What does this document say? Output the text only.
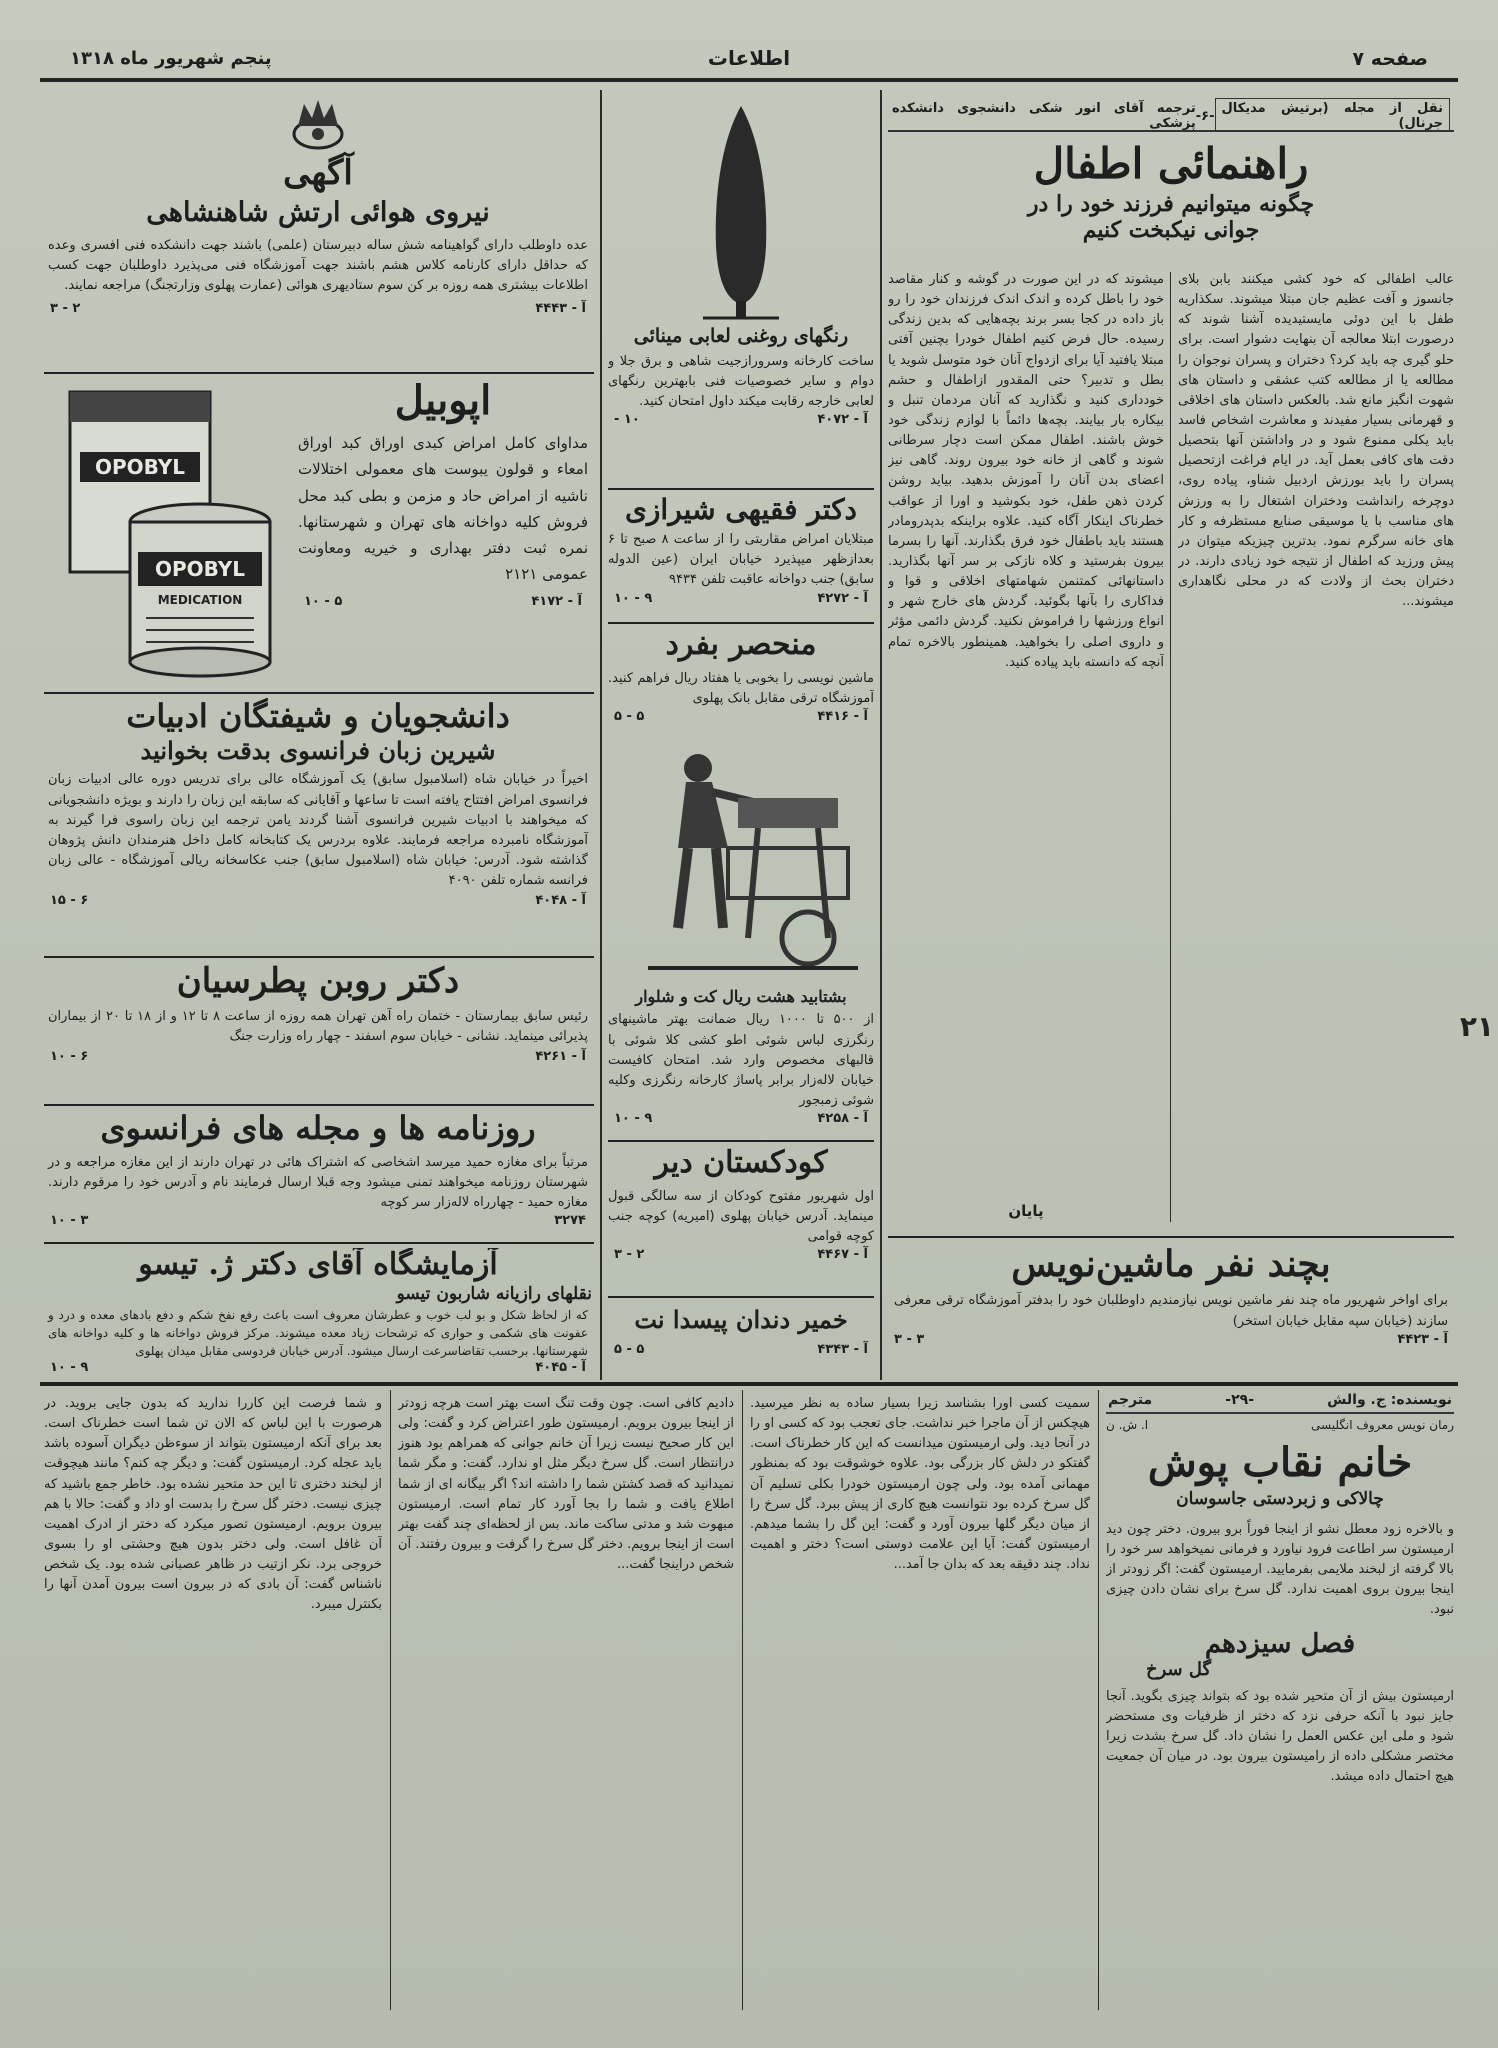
صفحه ۷
اطلاعات
پنجم شهریور ماه ۱۳۱۸
۲۱
آگهی
نیروی هوائی ارتش شاهنشاهی
عده داوطلب دارای گواهینامه شش ساله دبیرستان (علمی) باشند جهت دانشکده فنی افسری وعده که حداقل دارای کارنامه کلاس هشم باشند جهت آموزشگاه فنی می‌پذیرد داوطلبان جهت کسب اطلاعات بیشتری همه روزه بر کن سوم ستادیهری هوائی (عمارت پهلوی وزارتجنگ) مراجعه نمایند.
آ - ۴۴۴۳
۲ - ۳
OPOBYL
OPOBYL
MEDICATION
اپوبیل
مداوای کامل امراض کبدی اوراق کبد اوراق امعاء و قولون یبوست های معمولی اختلالات ناشیه از امراض حاد و مزمن و بطی کبد محل فروش کلیه دواخانه های تهران و شهرستانها. نمره ثبت دفتر بهداری و خیریه ومعاونت عمومی ۲۱۲۱
آ - ۴۱۷۲
۵ - ۱۰
دانشجویان و شیفتگان ادبیات
شیرین زبان فرانسوی بدقت بخوانید
اخیراً در خیابان شاه (اسلامبول سابق) یک آموزشگاه عالی برای تدریس دوره عالی ادبیات زبان فرانسوی امراض افتتاح یافته است تا ساعها و آقایانی که سابقه این زبان را دارند و بویژه دانشجویانی که میخواهند با ادبیات شیرین فرانسوی آشنا گردند یامن ترجمه این زبان راسوی فرا گیرند به آموزشگاه نامبرده مراجعه فرمایند. علاوه بردرس یک کتابخانه کامل داخل هنرمندان دانش پژوهان گذاشته شود. آدرس: خیابان شاه (اسلامبول سابق) جنب عکاسخانه ریالی آموزشگاه - عالی زبان فرانسه شماره تلفن ۴۰۹۰
آ - ۴۰۴۸
۶ - ۱۵
دکتر روبن پطرسیان
رئیس سابق بیمارستان - ختمان راه آهن تهران همه روزه از ساعت ۸ تا ۱۲ و از ۱۸ تا ۲۰ از بیماران پذیرائی مینماید. نشانی - خیابان سوم اسفند - چهار راه وزارت جنگ
آ - ۴۲۶۱
۶ - ۱۰
روزنامه ها و مجله های فرانسوی
مرتباً برای مغازه حمید میرسد اشخاصی که اشتراک هائی در تهران دارند از این مغازه مراجعه و در شهرستان روزنامه میخواهند تمنی میشود وجه قبلا ارسال فرمایند نام و آدرس خود را مرقوم دارند. مغازه حمید - چهارراه لاله‌زار سر کوچه
۳۲۷۴
۳ - ۱۰
آزمایشگاه آقای دکتر ژ. تیسو
نقلهای رازیانه شاربون تیسو
که از لحاظ شکل و بو لب خوب و عطرشان معروف است باعث رفع نفخ شکم و دفع بادهای معده و درد و عفونت های شکمی و حواری که ترشحات زیاد معده میشوند. مرکز فروش دواخانه ها و کلیه دواخانه های شهرستانها. برحسب تقاضاسرعت ارسال میشود. آدرس خیابان فردوسی مقابل میدان پهلوی
آ - ۴۰۴۵
۹ - ۱۰
رنگهای روغنی لعابی مینائی
ساخت کارخانه وسرورازجیت شاهی و برق جلا و دوام و سایر خصوصیات فنی بابهترین رنگهای لعابی خارجه رقابت میکند داول امتحان کنید.
آ - ۴۰۷۲
۱۰ -
دکتر فقیهی شیرازی
مبتلایان امراض مقاربتی را از ساعت ۸ صبح تا ۶ بعدازظهر میپذیرد خیابان ایران (عین الدوله سابق) جنب دواخانه عاقبت تلفن ۹۴۳۴
آ - ۴۲۷۲
۹ - ۱۰
منحصر بفرد
ماشین نویسی را بخوبی یا هفتاد ریال فراهم کنید. آموزشگاه ترقی مقابل بانک پهلوی
آ - ۴۴۱۶
۵ - ۵
بشتابید هشت ریال کت و شلوار
از ۵۰۰ تا ۱۰۰۰ ریال ضمانت بهتر ماشینهای رنگرزی لباس شوئی اطو کشی کلا شوئی با قالبهای مخصوص وارد شد. امتحان کافیست خیابان لاله‌زار برابر پاساژ کارخانه رنگرزی وکلیه شوئی زمبجور
آ - ۴۲۵۸
۹ - ۱۰
کودکستان دیر
اول شهریور مفتوح کودکان از سه سالگی قبول مینماید. آدرس خیابان پهلوی (امیریه) کوچه جنب کوچه قوامی
آ - ۴۴۶۷
۲ - ۳
خمیر دندان پیسدا نت
آ - ۴۳۴۳
۵ - ۵
نقل از مجله (برتیش مدیکال جرنال)
-۶-
ترجمه آقای انور شکی دانشجوی دانشکده پزشکی
راهنمائی اطفال
چگونه میتوانیم فرزند خود را در جوانی نیکبخت کنیم
عالب اطفالی که خود کشی میکنند بابن بلای جانسوز و آفت عظیم جان مبتلا میشوند. سکذاریه طفل با این دوئی مایستیدیده آشنا شوند که درصورت ابتلا معالجه آن بنهایت دشوار است. برای حلو گیری چه باید کرد؟ دختران و پسران نوجوان را مطالعه یا از مطالعه کتب عشقی و داستان های شهوت انگیز مانع شد. بالعکس داستان های اخلاقی و قهرمانی بسیار مفیدند و معاشرت اشخاص فاسد باید یکلی ممنوع شود و در واداشتن آنها بتحصیل دقت های کافی بعمل آید. در ایام فراغت ازتحصیل پسران را باید بورزش اردبیل شناو، پیاده روی، دوچرخه رانداشت ودختران اشتغال را به ورزش های مناسب با یا موسیقی صنایع مستظرفه و کار های خانه سرگرم نمود. بدترین چیزیکه میتوان در پیش ورزید که اطفال از نتیجه خود زیادی دارند. در دختران بحث از ولادت که در محلی نگاهداری میشوند...
میشوند که در این صورت در گوشه و کنار مقاصد خود را باطل کرده و اندک اندک فرزندان خود را رو باز داده در کجا بسر برند بچه‌هایی که بدین زندگی رسیده. حال فرض کنیم اطفال خودرا بچنین آفتی مبتلا یافتید آیا برای ازدواج آنان خود متوسل شوید یا بطل و تدبیر؟ حتی المقدور ازاطفال و حشم خودداری کنید و نگذارید که آنان مردمان تنبل و بیکاره بار بیایند. بچه‌ها دائماً با لوازم زندگی خود خوش باشند. اطفال ممکن است دچار سرطانی شوند و گاهی از خانه خود بیرون روند. گاهی نیز اعضای بدن آنان را آموزش بدهید. بیاید روشن کردن ذهن طفل، خود بکوشید و اورا از عواقب خطرناک اینکار آگاه کنید. علاوه براینکه بدپدرومادر هستند باید باطفال خود فرق بگذارند. آنها را بسرما بیرون بفرستید و کلاه نازکی بر سر آنها بگذارید. داستانهائی کمتنمن شهامتهای اخلاقی و قوا و فداکاری را بآنها بگوئید. گردش های خارج شهر و انواع ورزشها را فراموش نکنید. گردش دائمی مؤثر و داروی اصلی را بخواهید. همینطور بالاخره تمام آنچه که دانسته باید پیاده کنید.
پایان
بچند نفر ماشین‌نویس
برای اواخر شهریور ماه چند نفر ماشین نویس نیازمندیم داوطلبان خود را بدفتر آموزشگاه ترقی معرفی سازند (خیابان سپه مقابل خیابان استخر)
آ - ۴۴۲۳
۳ - ۳
نویسنده: ج. والش
-۲۹-
مترجم
رمان نویس معروف انگلیسی
ا. ش. ن
خانم نقاب پوش
چالاکی و زبردستی جاسوسان
و بالاخره زود معطل نشو از اینجا فوراً برو بیرون. دختر چون دید ارمیستون سر اطاعت فرود نیاورد و فرمانی نمیخواهد سر خود را بالا گرفته از لبخند ملایمی بفرمایید. ارمیستون گفت: اگر زودتر از اینجا بیرون بروی اهمیت ندارد. گل سرخ برای نشان دادن چیزی نبود.
فصل سیزدهم
گل سرخ
ارمیستون بیش از آن متحیر شده بود که بتواند چیزی بگوید. آنجا جایز نبود با آنکه حرفی نزد که دختر از ظرفیات وی مستحضر شود و ملی این عکس العمل را نشان داد. گل سرخ بشدت زیرا مختصر مشکلی داده از رامیستون بیرون بود. در میان آن جمعیت هیچ احتمال داده میشد.
سمیت کسی اورا بشناسد زیرا بسیار ساده به نظر میرسید. هیچکس از آن ماجرا خبر نداشت. جای تعجب بود که کسی او را در آنجا دید. ولی ارمیستون میدانست که این کار خطرناک است. گفتکو در دلش کار بزرگی بود. علاوه خوشوقت بود که بمنظور مهمانی آمده بود. ولی چون ارمیستون خودرا بکلی تسلیم آن گل سرخ کرده بود نتوانست هیچ کاری از پیش ببرد. گل سرخ را از میان دیگر گلها بیرون آورد و گفت: این گل را بشما میدهم. ارمیستون گفت: آیا این علامت دوستی است؟ دختر و اهمیت نداد. چند دقیقه بعد که بدان جا آمد...
دادیم کافی است. چون وقت تنگ است بهتر است هرچه زودتر از اینجا بیرون برویم. ارمیستون طور اعتراض کرد و گفت: ولی این کار صحیح نیست زیرا آن خانم جوانی که همراهم بود هنوز درانتظار است. گل سرخ دیگر مثل او ندارد. گفت: و مگر شما نمیدانید که قصد کشتن شما را داشته اند؟ اگر بیگانه ای از شما اطلاع یافت و شما را بجا آورد کار تمام است. ارمیستون مبهوت شد و مدتی ساکت ماند. بس از لحظه‌ای چند گفت بهتر است از اینجا برویم. دختر گل سرخ را گرفت و بیرون رفتند. آن شخص دراینجا گفت...
و شما فرصت این کاررا ندارید که بدون جایی بروید. در هرصورت با این لباس که الان تن شما است خطرناک است. بعد برای آنکه ارمیستون بتواند از سوءظن دیگران آسوده باشد باید عجله کرد. ارمیستون گفت: و دیگر چه کنم؟ مانند هیچوقت از لبخند دختری تا این حد متحیر نشده بود. خاطر جمع باشید که چیزی نیست. دختر گل سرخ را بدست او داد و گفت: حالا با هم بیرون برویم. ارمیستون تصور میکرد که دختر از ادرک اهمیت آن غافل است. ولی دختر بدون هیچ وحشتی او را بسوی خروجی برد. نکر ازتیب در ظاهر عصبانی شده بود. یک شخص ناشناس گفت: آن بادی که در بیرون است بیرون آمدن آنها را بکنترل میبرد.
